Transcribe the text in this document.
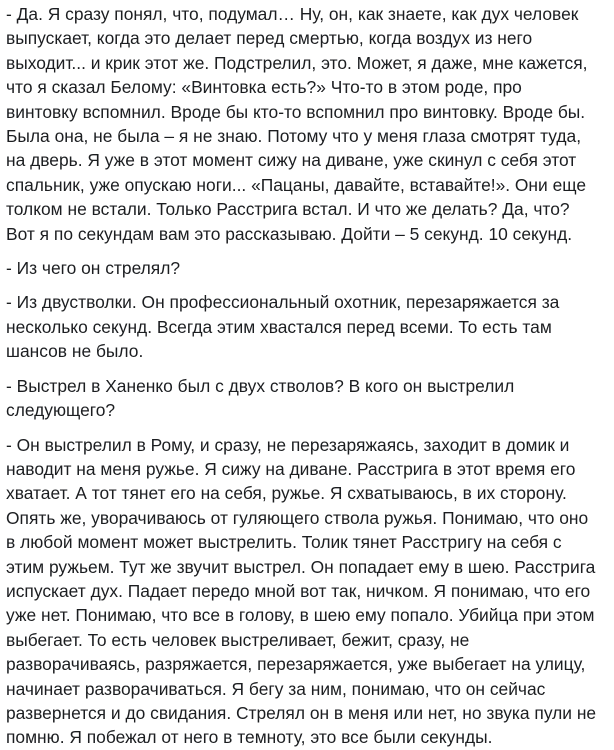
- Да. Я сразу понял, что, подумал… Ну, он, как знаете, как дух человек
выпускает, когда это делает перед смертью, когда воздух из него
выходит... и крик этот же. Подстрелил, это. Может, я даже, мне кажется,
что я сказал Белому: «Винтовка есть?» Что-то в этом роде, про
винтовку вспомнил. Вроде бы кто-то вспомнил про винтовку. Вроде бы.
Была она, не была – я не знаю. Потому что у меня глаза смотрят туда,
на дверь. Я уже в этот момент сижу на диване, уже скинул с себя этот
спальник, уже опускаю ноги... «Пацаны, давайте, вставайте!». Они еще
толком не встали. Только Расстрига встал. И что же делать? Да, что?
Вот я по секундам вам это рассказываю. Дойти – 5 секунд. 10 секунд.

- Из чего он стрелял?

- Из двустволки. Он профессиональный охотник, перезаряжается за
несколько секунд. Всегда этим хвастался перед всеми. То есть там
шансов не было.

- Выстрел в Ханенко был с двух стволов? В кого он выстрелил
следующего?

- Он выстрелил в Рому, и сразу, не перезаряжаясь, заходит в домик и
наводит на меня ружье. Я сижу на диване. Расстрига в этот время его
хватает. А тот тянет его на себя, ружье. Я схватываюсь, в их сторону.
Опять же, уворачиваюсь от гуляющего ствола ружья. Понимаю, что оно
в любой момент может выстрелить. Толик тянет Расстригу на себя с
этим ружьем. Тут же звучит выстрел. Он попадает ему в шею. Расстрига
испускает дух. Падает передо мной вот так, ничком. Я понимаю, что его
уже нет. Понимаю, что все в голову, в шею ему попало. Убийца при этом
выбегает. То есть человек выстреливает, бежит, сразу, не
разворачиваясь, разряжается, перезаряжается, уже выбегает на улицу,
начинает разворачиваться. Я бегу за ним, понимаю, что он сейчас
развернется и до свидания. Стрелял он в меня или нет, но звука пули не
помню. Я побежал от него в темноту, это все были секунды.
